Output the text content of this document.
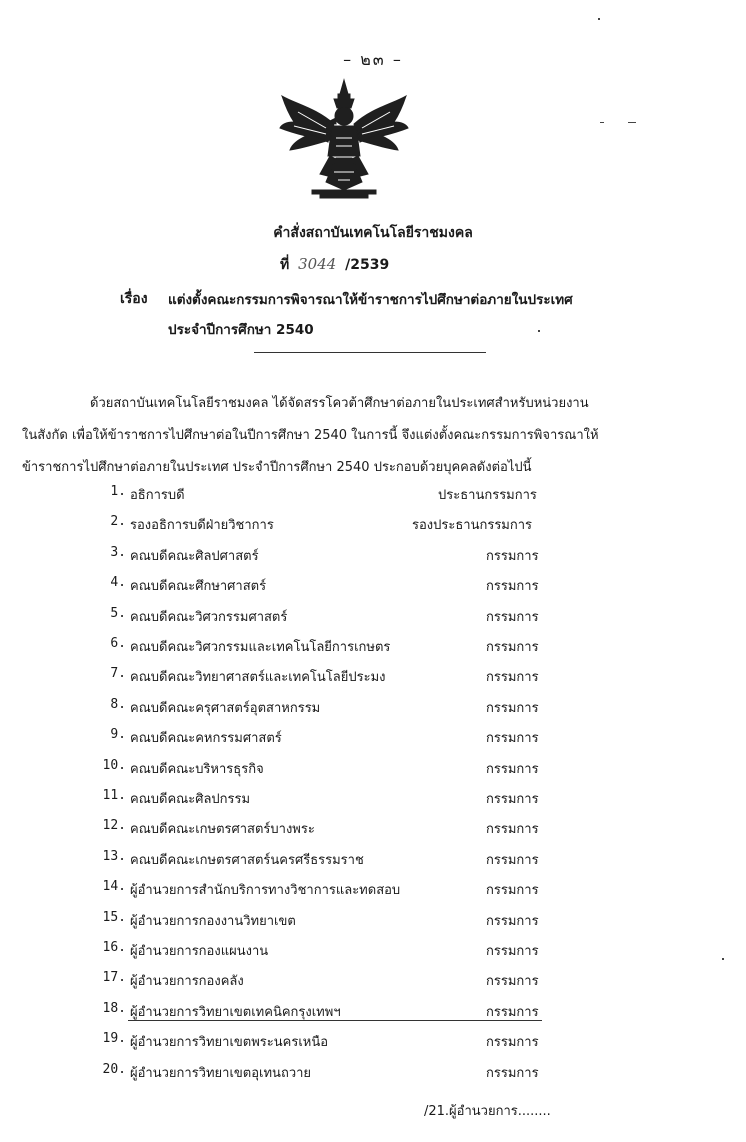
– ๒๓ –
คำสั่งสถาบันเทคโนโลยีราชมงคล
ที่ 3044 /2539
เรื่อง แต่งตั้งคณะกรรมการพิจารณาให้ข้าราชการไปศึกษาต่อภายในประเทศ
ประจำปีการศึกษา 2540
ด้วยสถาบันเทคโนโลยีราชมงคล ได้จัดสรรโควต้าศึกษาต่อภายในประเทศสำหรับหน่วยงาน
ในสังกัด เพื่อให้ข้าราชการไปศึกษาต่อในปีการศึกษา 2540 ในการนี้ จึงแต่งตั้งคณะกรรมการพิจารณาให้
ข้าราชการไปศึกษาต่อภายในประเทศ ประจำปีการศึกษา 2540 ประกอบด้วยบุคคลดังต่อไปนี้
1. อธิการบดี	ประธานกรรมการ
2. รองอธิการบดีฝ่ายวิชาการ	รองประธานกรรมการ
3. คณบดีคณะศิลปศาสตร์	กรรมการ
4. คณบดีคณะศึกษาศาสตร์	กรรมการ
5. คณบดีคณะวิศวกรรมศาสตร์	กรรมการ
6. คณบดีคณะวิศวกรรมและเทคโนโลยีการเกษตร	กรรมการ
7. คณบดีคณะวิทยาศาสตร์และเทคโนโลยีประมง	กรรมการ
8. คณบดีคณะครุศาสตร์อุตสาหกรรม	กรรมการ
9. คณบดีคณะคหกรรมศาสตร์	กรรมการ
10. คณบดีคณะบริหารธุรกิจ	กรรมการ
11. คณบดีคณะศิลปกรรม	กรรมการ
12. คณบดีคณะเกษตรศาสตร์บางพระ	กรรมการ
13. คณบดีคณะเกษตรศาสตร์นครศรีธรรมราช	กรรมการ
14. ผู้อำนวยการสำนักบริการทางวิชาการและทดสอบ	กรรมการ
15. ผู้อำนวยการกองงานวิทยาเขต	กรรมการ
16. ผู้อำนวยการกองแผนงาน	กรรมการ
17. ผู้อำนวยการกองคลัง	กรรมการ
18. ผู้อำนวยการวิทยาเขตเทคนิคกรุงเทพฯ	กรรมการ
19. ผู้อำนวยการวิทยาเขตพระนครเหนือ	กรรมการ
20. ผู้อำนวยการวิทยาเขตอุเทนถวาย	กรรมการ
/21.ผู้อำนวยการ........
